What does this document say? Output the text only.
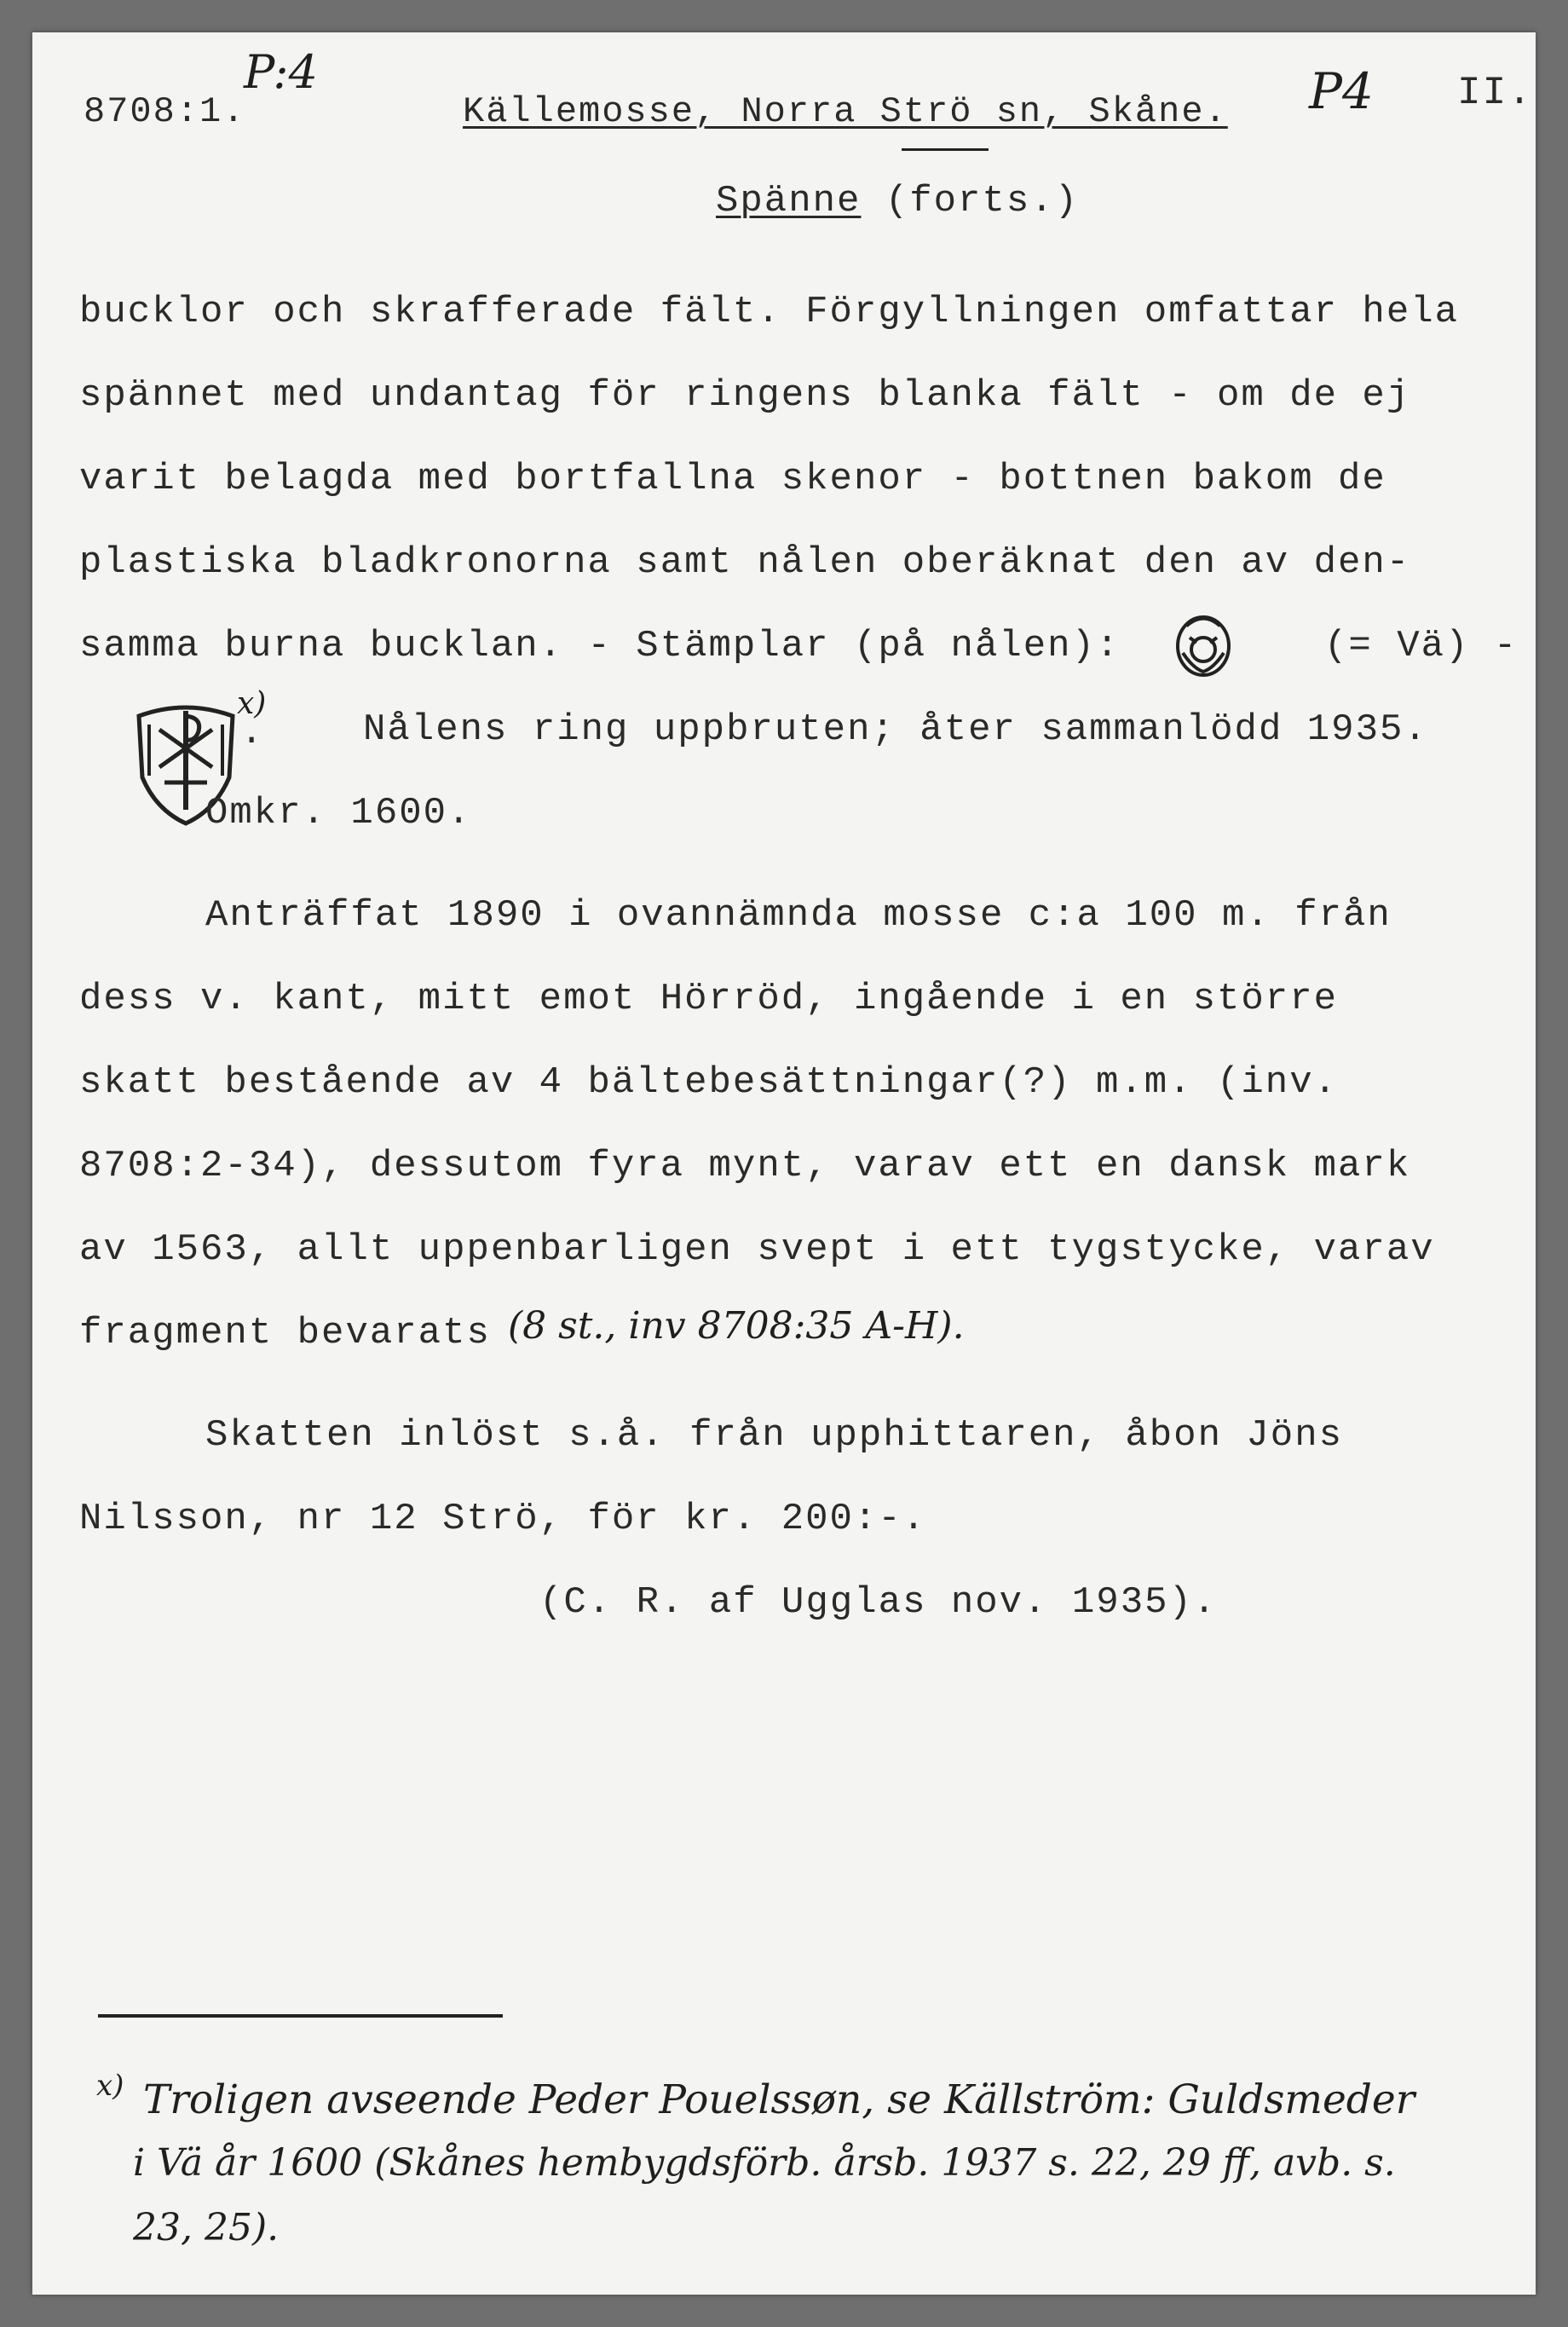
8708:1.
P:4
Källemosse, Norra Strö sn, Skåne. P4 II.
Spänne (forts.)
bucklor och skrafferade fält. Förgyllningen omfattar hela
spännet med undantag för ringens blanka fält - om de ej
varit belagda med bortfallna skenor - bottnen bakom de
plastiska bladkronorna samt nålen oberäknat den av den-
samma burna bucklan. - Stämplar (på nålen):	(= Vä) -
x)
.	Nålens ring uppbruten; åter sammanlödd 1935.
Omkr. 1600.
Anträffat 1890 i ovannämnda mosse c:a 100 m. från
dess v. kant, mitt emot Hörröd, ingående i en större
skatt bestående av 4 bältebesättningar(?) m.m. (inv.
8708:2-34), dessutom fyra mynt, varav ett en dansk mark
av 1563, allt uppenbarligen svept i ett tygstycke, varav
fragment bevarats (8 st., inv 8708:35 A-H).
Skatten inlöst s.å. från upphittaren, åbon Jöns
Nilsson, nr 12 Strö, för kr. 200:-.
(C. R. af Ugglas nov. 1935).
x) Troligen avseende Peder Pouelssøn, se Källström: Guldsmeder
i Vä år 1600 (Skånes hembygdsförb. årsb. 1937 s. 22, 29 ff, avb. s.
23, 25).
